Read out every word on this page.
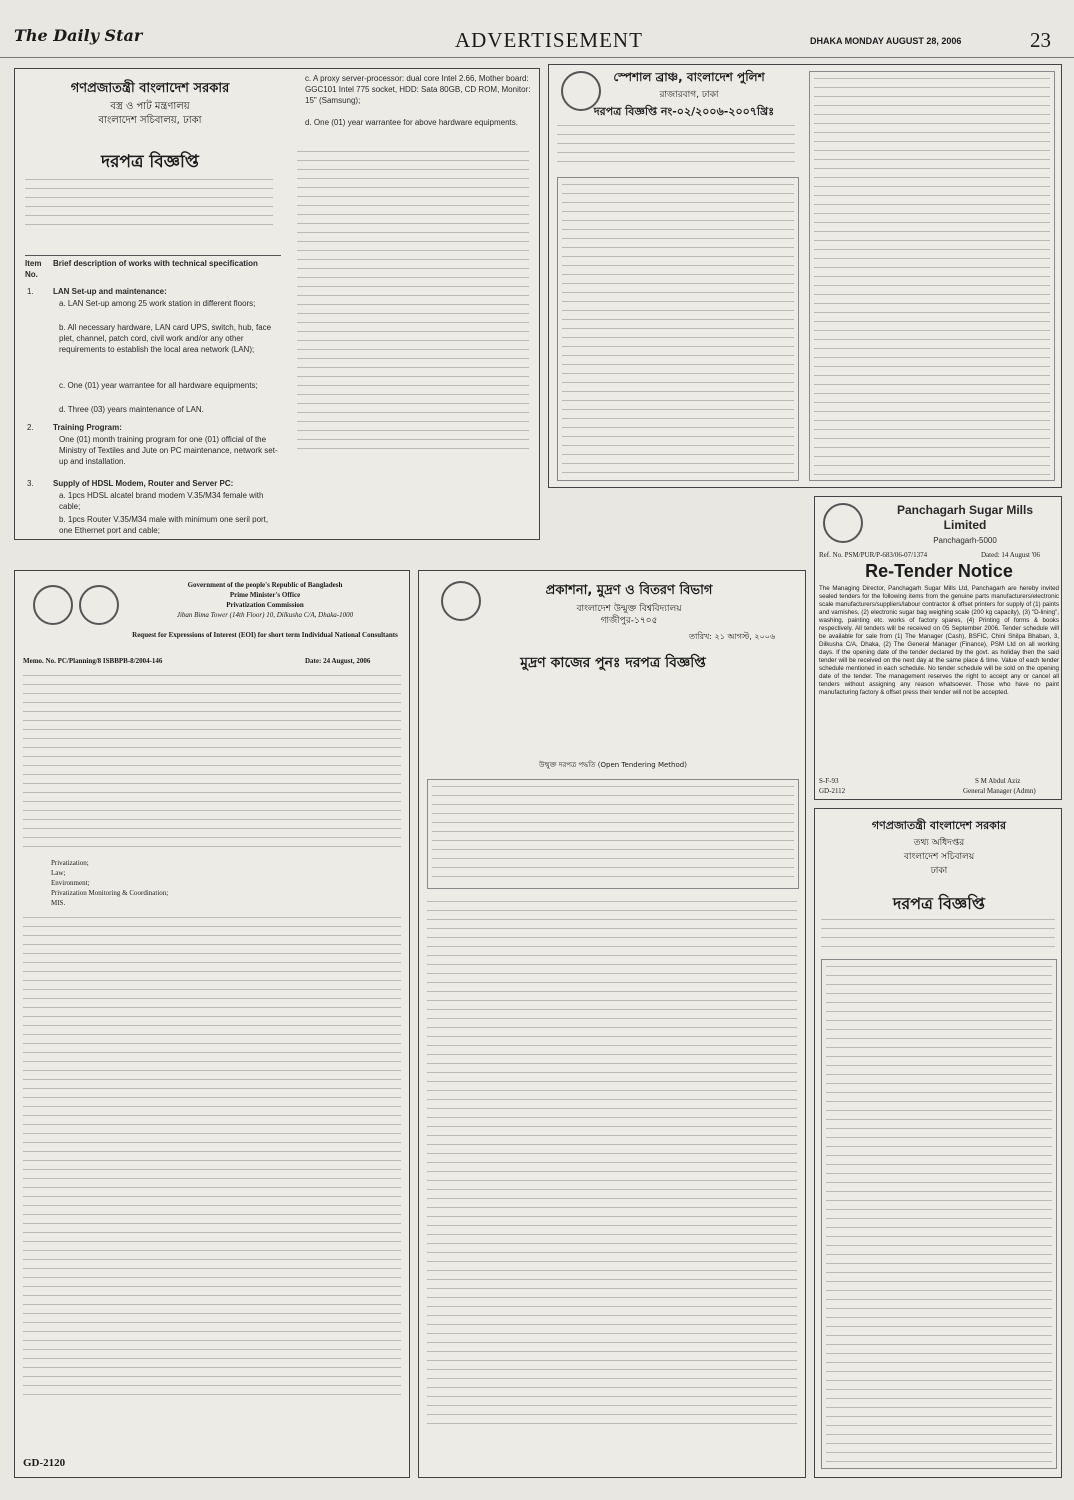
The Daily Star	ADVERTISEMENT	DHAKA MONDAY AUGUST 28, 2006	23
গণপ্রজাতন্ত্রী বাংলাদেশ সরকার
বস্ত্র ও পাট মন্ত্রণালয়
বাংলাদেশ সচিবালয়, ঢাকা
দরপত্র বিজ্ঞপ্তি
Item No.
Brief description of works with technical specification
1. LAN Set-up and maintenance:
a. LAN Set-up among 25 work station in different floors;
b. All necessary hardware, LAN card UPS, switch, hub, face plet, channel, patch cord, civil work and/or any other requirements to establish the local area network (LAN);
c. One (01) year warrantee for all hardware equipments;
d. Three (03) years maintenance of LAN.
2. Training Program:
One (01) month training program for one (01) official of the Ministry of Textiles and Jute on PC maintenance, network set-up and installation.
3. Supply of HDSL Modem, Router and Server PC:
a. 1pcs HDSL alcatel brand modem V.35/M34 female with cable;
b. 1pcs Router V.35/M34 male with minimum one seril port, one Ethernet port and cable;
c. A proxy server-processor: dual core Intel 2.66, Mother board: GGC101 Intel 775 socket, HDD: Sata 80GB, CD ROM, Monitor: 15" (Samsung);
d. One (01) year warrantee for above hardware equipments.
স্পেশাল ব্রাঞ্চ, বাংলাদেশ পুলিশ
রাজারবাগ, ঢাকা
দরপত্র বিজ্ঞপ্তি নং-০২/২০০৬-২০০৭খ্রিঃ
Government of the people's Republic of Bangladesh
Prime Minister's Office
Privatization Commission
Jiban Bima Tower (14th Floor) 10, Dilkusha C/A, Dhaka-1000
Request for Expressions of Interest (EOI) for short term Individual National Consultants
Memo. No. PC/Planning/8 ISBBPB-8/2004-146	Date: 24 August, 2006
Privatization;
Law;
Environment;
Privatization Monitoring & Coordination;
MIS.
GD-2120
প্রকাশনা, মুদ্রণ ও বিতরণ বিভাগ
বাংলাদেশ উন্মুক্ত বিশ্ববিদ্যালয়
গাজীপুর-১৭০৫
তারিখ: ২১ আগস্ট, ২০০৬
মুদ্রণ কাজের পুনঃ দরপত্র বিজ্ঞপ্তি
উন্মুক্ত দরপত্র পদ্ধতি (Open Tendering Method)
Panchagarh Sugar Mills Limited
Panchagarh-5000
Ref. No. PSM/PUR/P-683/06-07/1374	Dated: 14 August '06
Re-Tender Notice
The Managing Director, Panchagarh Sugar Mills Ltd, Panchagarh are hereby invited sealed tenders for the following items from the genuine parts manufacturers/electronic scale manufacturers/suppliers/labour contractor & offset printers for supply of (1) paints and varnishes, (2) electronic sugar bag weighing scale (200 kg capacity), (3) "D-lining", washing, painting etc. works of factory spares, (4) Printing of forms & books respectively. All tenders will be received on 05 September 2006. Tender schedule will be available for sale from (1) The Manager (Cash), BSFIC, Chini Shilpa Bhaban, 3, Dilkusha C/A, Dhaka, (2) The General Manager (Finance), PSM Ltd on all working days. If the opening date of the tender declared by the govt. as holiday then the said tender will be received on the next day at the same place & time. Value of each tender schedule mentioned in each schedule. No tender schedule will be sold on the opening date of the tender. The management reserves the right to accept any or cancel all tenders without assigning any reason whatsoever. Those who have no paint manufacturing factory & offset press their tender will not be accepted.
S-F-93
GD-2112
S M Abdul Aziz
General Manager (Admn)
গণপ্রজাতন্ত্রী বাংলাদেশ সরকার
তথ্য অধিদপ্তর
বাংলাদেশ সচিবালয়
ঢাকা
দরপত্র বিজ্ঞপ্তি
